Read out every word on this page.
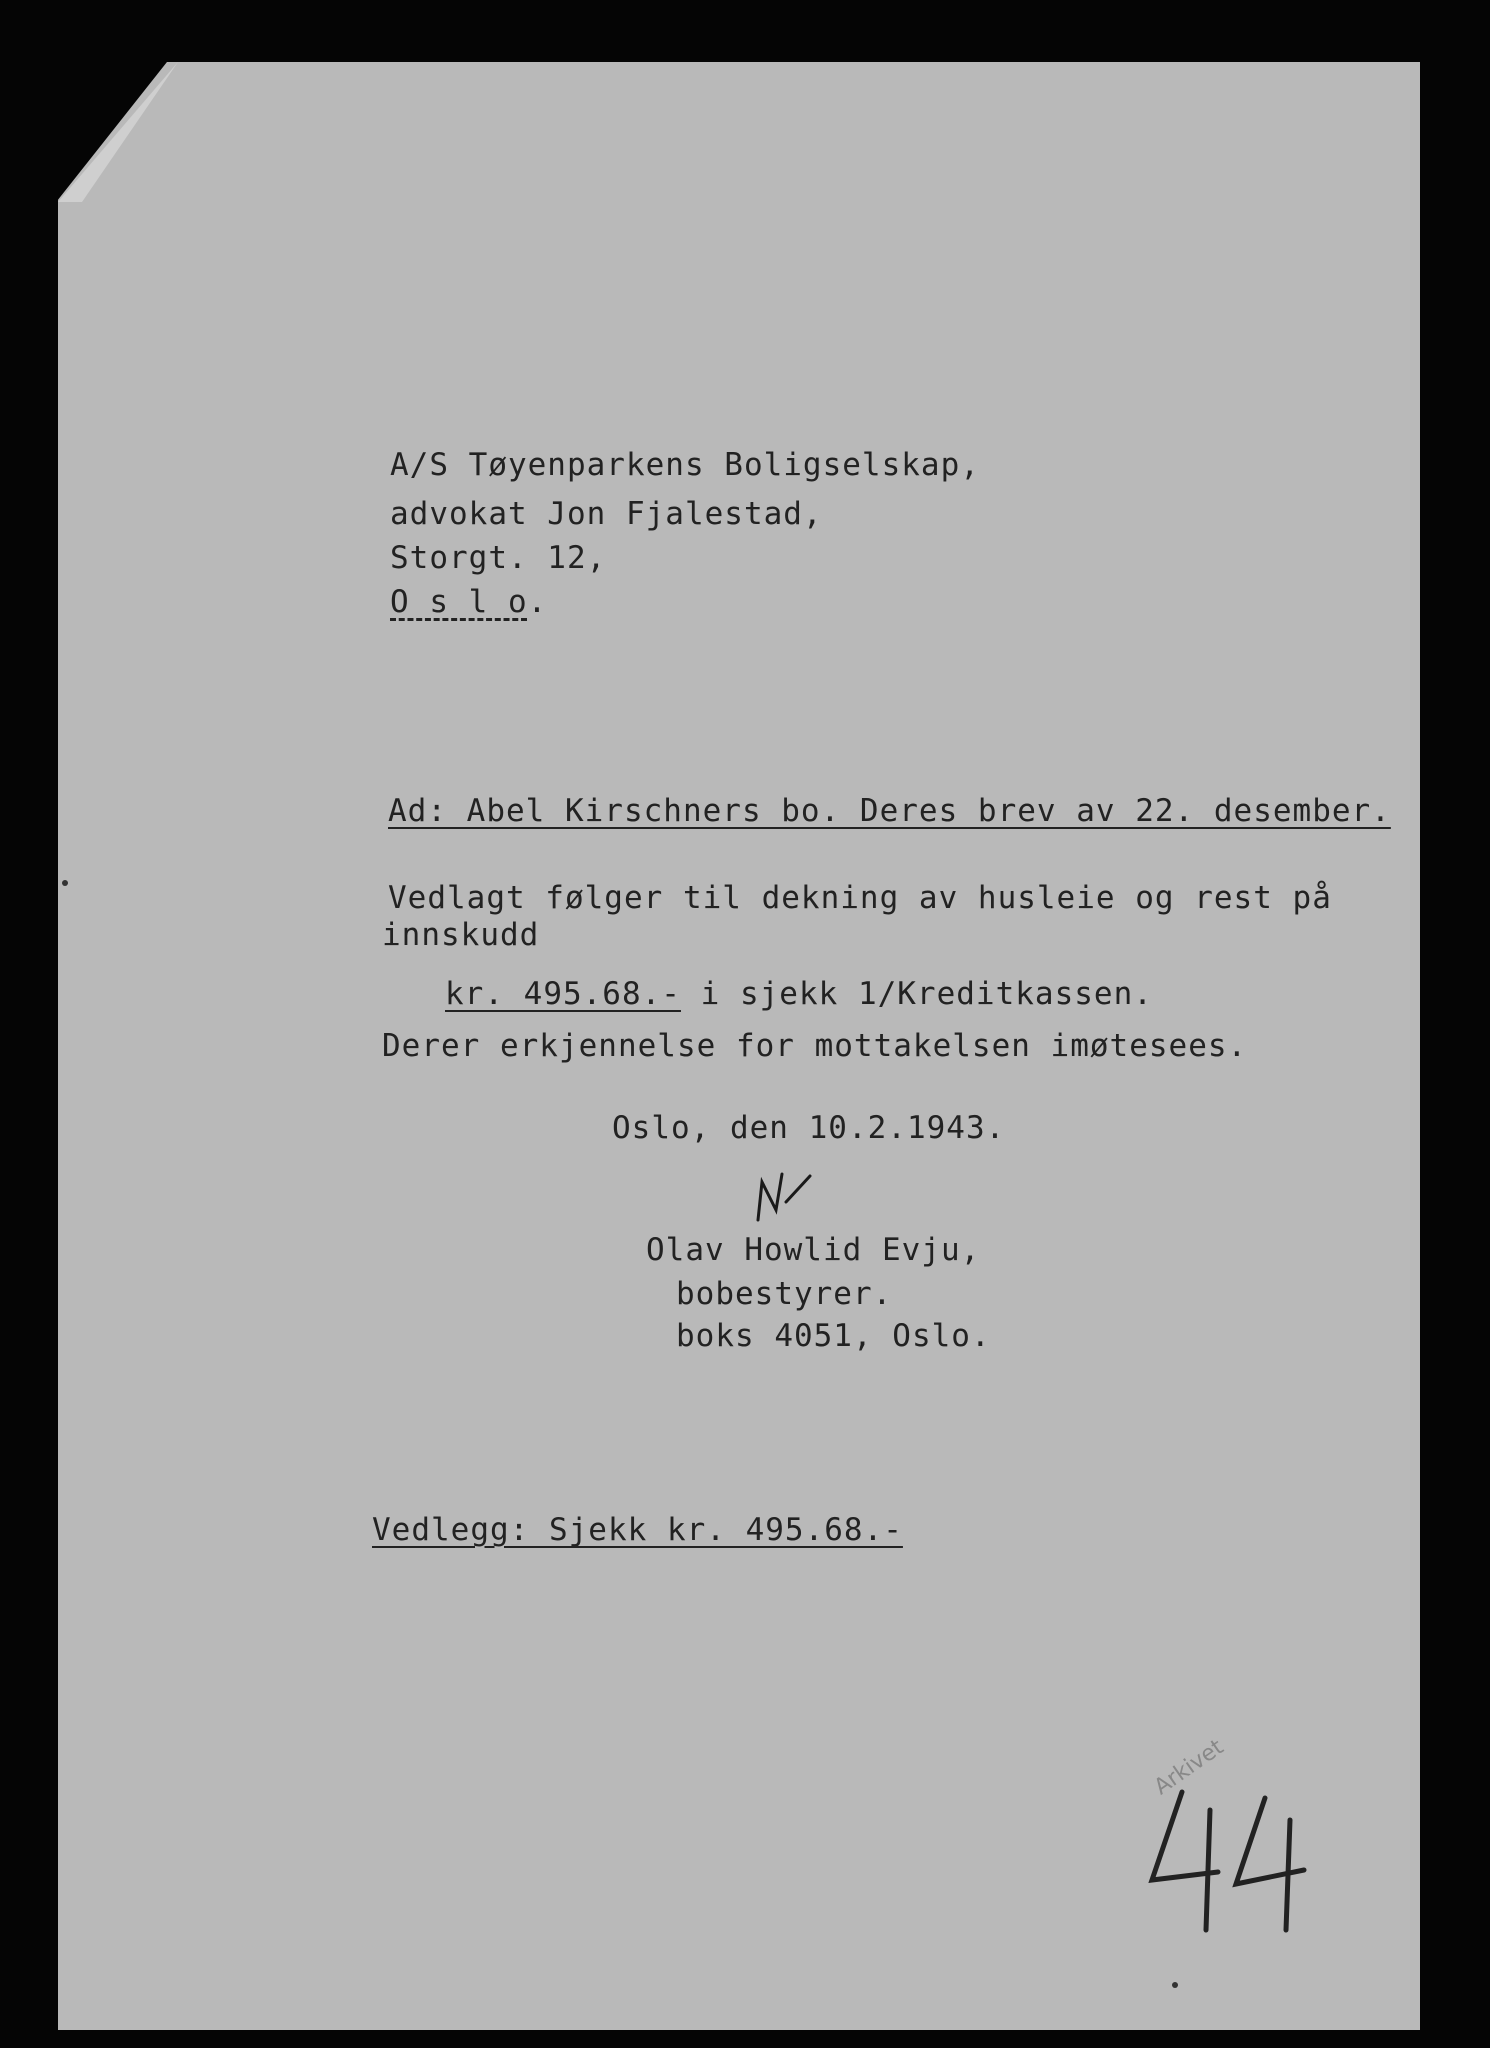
A/S Tøyenparkens Boligselskap,
advokat Jon Fjalestad,
Storgt. 12,
O s l o.
Ad: Abel Kirschners bo. Deres brev av 22. desember.
Vedlagt følger til dekning av husleie og rest på
innskudd
kr. 495.68.- i sjekk 1/Kreditkassen.
Derer erkjennelse for mottakelsen imøtesees.
Oslo, den 10.2.1943.
Olav Howlid Evju,
bobestyrer.
boks 4051, Oslo.
Vedlegg: Sjekk kr. 495.68.-
Arkivet
